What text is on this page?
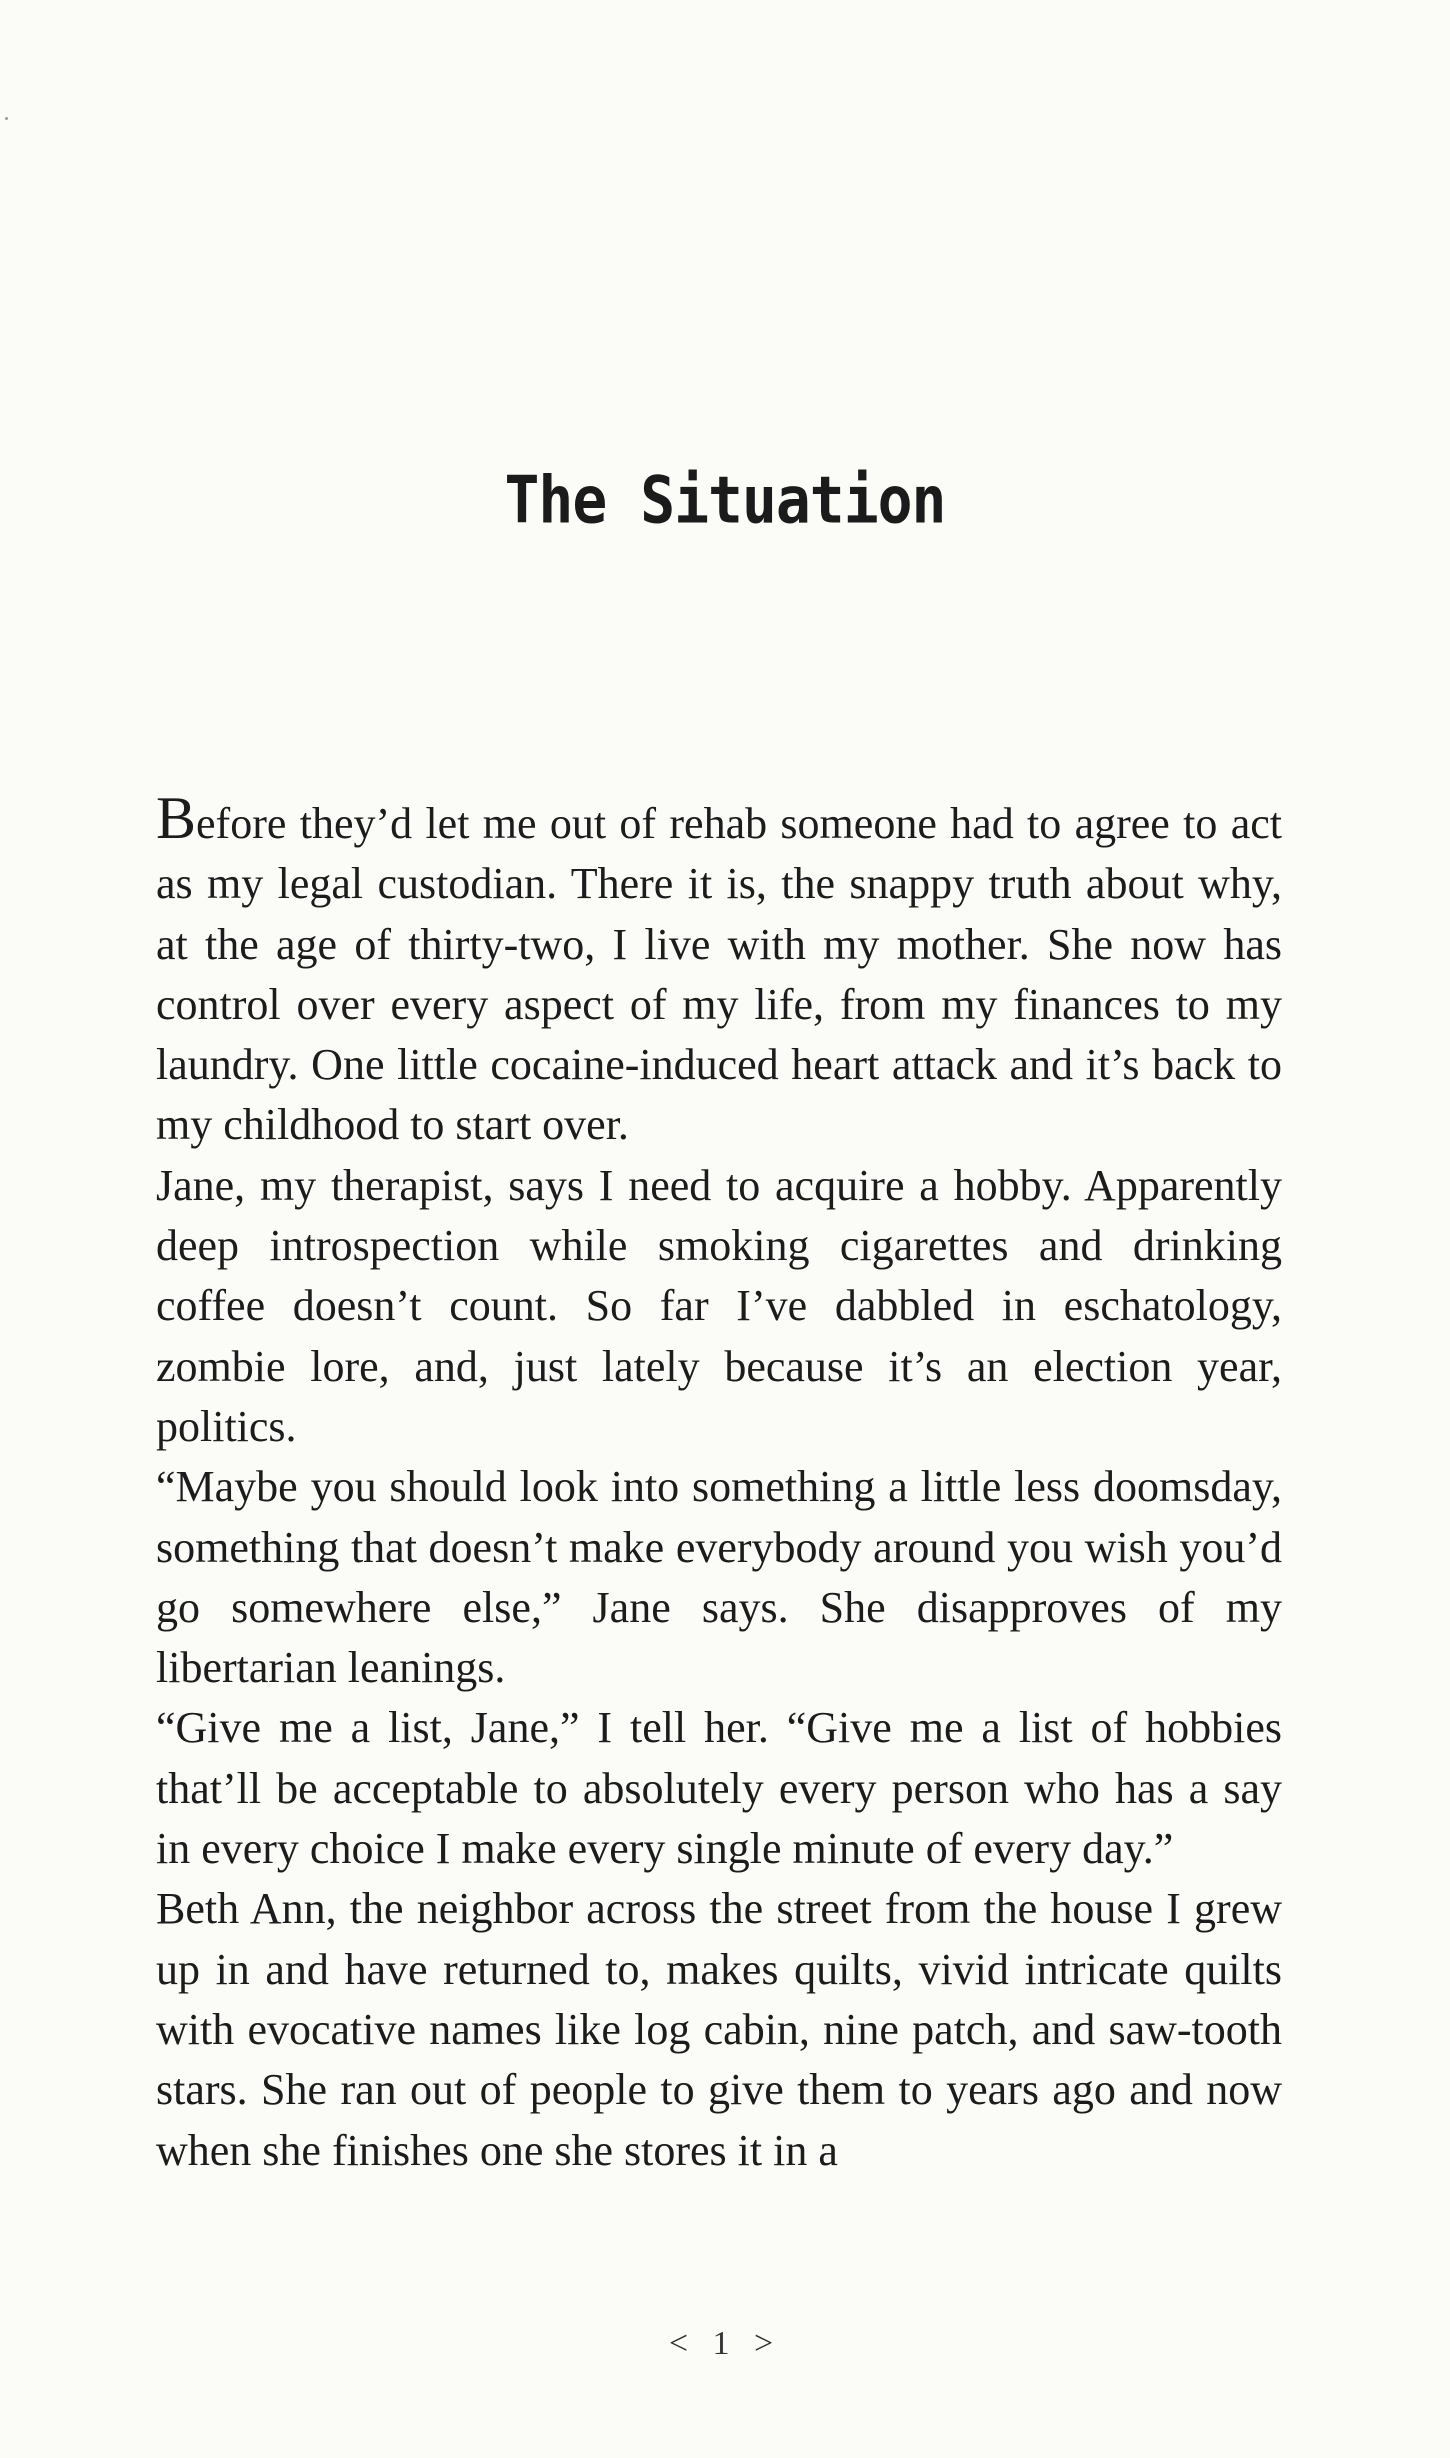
The Situation

Before they’d let me out of rehab someone had to agree to act as my legal custodian. There it is, the snappy truth about why, at the age of thirty-two, I live with my mother. She now has control over every aspect of my life, from my finances to my laundry. One little cocaine-induced heart attack and it’s back to my childhood to start over.

Jane, my therapist, says I need to acquire a hobby. Apparently deep introspection while smoking cigarettes and drinking coffee doesn’t count. So far I’ve dabbled in eschatology, zombie lore, and, just lately because it’s an election year, politics.

“Maybe you should look into something a little less doomsday, something that doesn’t make everybody around you wish you’d go somewhere else,” Jane says. She disapproves of my libertarian leanings.

“Give me a list, Jane,” I tell her. “Give me a list of hobbies that’ll be acceptable to absolutely every person who has a say in every choice I make every single minute of every day.”

Beth Ann, the neighbor across the street from the house I grew up in and have returned to, makes quilts, vivid intricate quilts with evocative names like log cabin, nine patch, and saw-tooth stars. She ran out of people to give them to years ago and now when she finishes one she stores it in a

< 1 >
